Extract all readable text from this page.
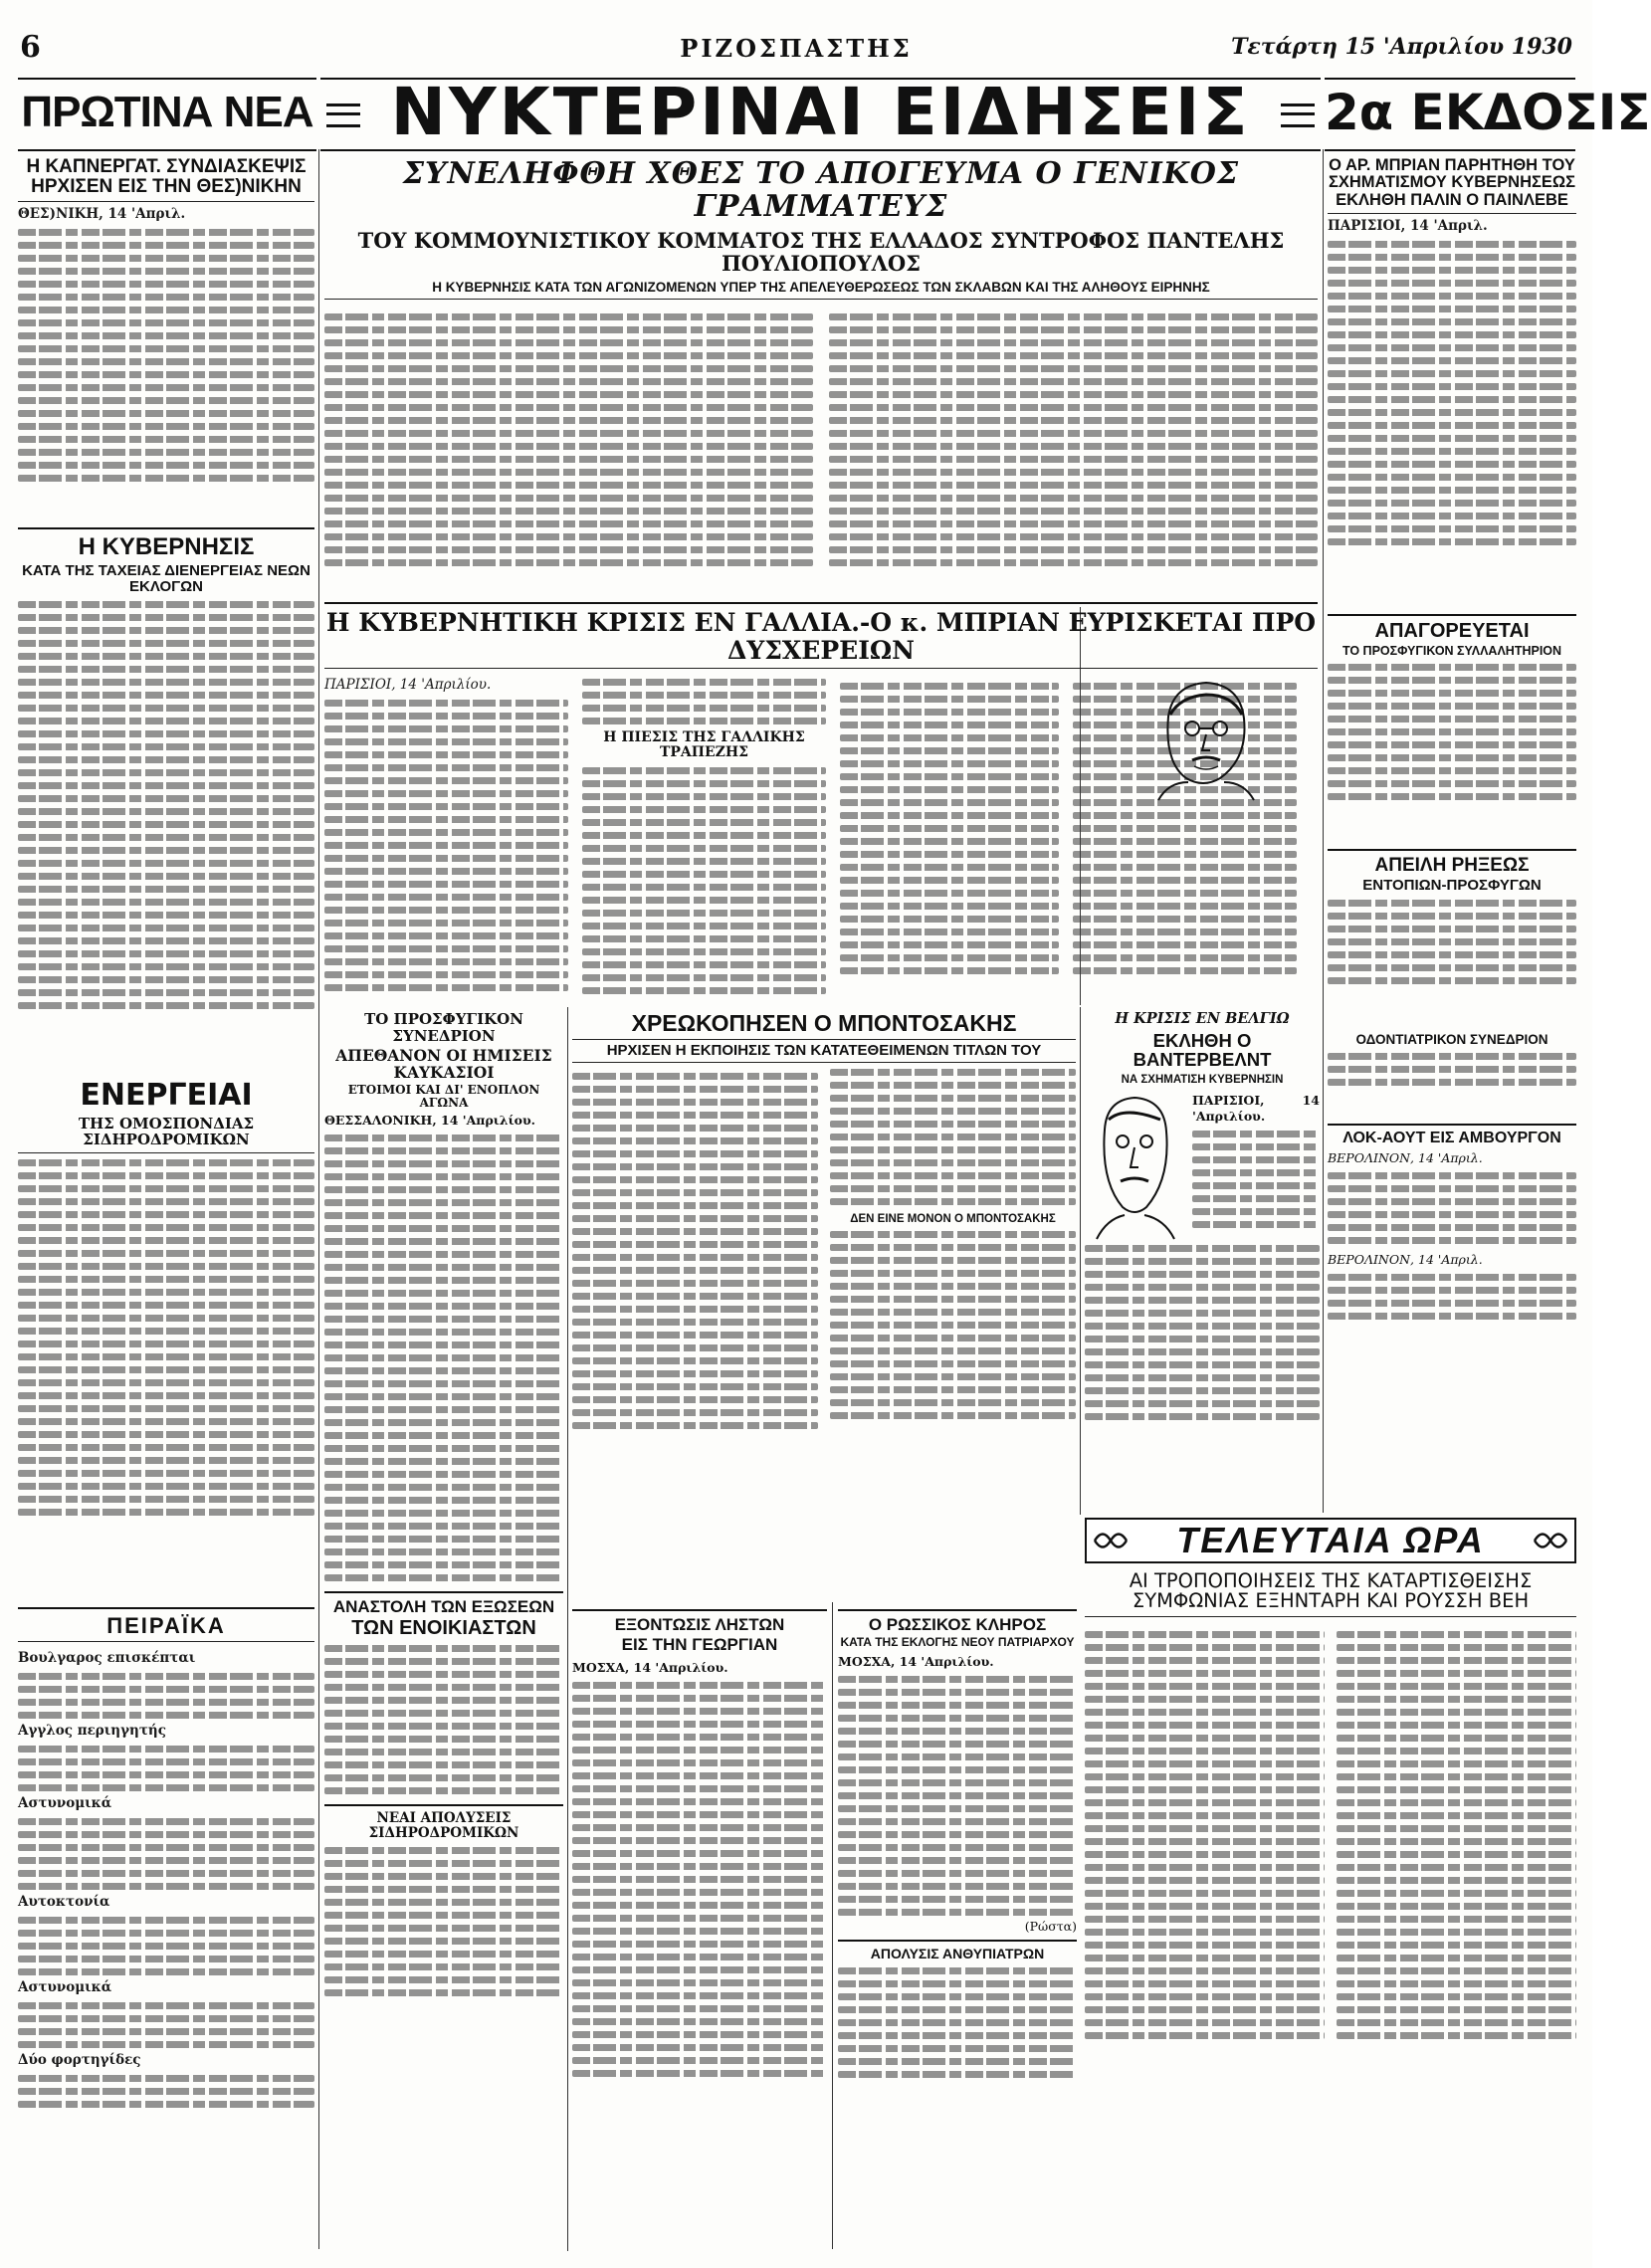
6	ΡΙΖΟΣΠΑΣΤΗΣ	Τετάρτη 15 'Απριλίου 1930
ΠΡΩΤΙΝΑ ΝΕΑ	ΝΥΚΤΕΡΙΝΑΙ ΕΙΔΗΣΕΙΣ	2α ΕΚΔΟΣΙΣ
Η ΚΑΠΝΕΡΓΑΤ. ΣΥΝΔΙΑΣΚΕΨΙΣ ΗΡΧΙΣΕΝ ΕΙΣ ΤΗΝ ΘΕΣ)ΝΙΚΗΝ
ΘΕΣ)ΝΙΚΗ, 14 'Απριλ.
Η ΚΥΒΕΡΝΗΣΙΣ
ΚΑΤΑ ΤΗΣ ΤΑΧΕΙΑΣ ΔΙΕΝΕΡΓΕΙΑΣ ΝΕΩΝ ΕΚΛΟΓΩΝ
ΕΝΕΡΓΕΙΑΙ
ΤΗΣ ΟΜΟΣΠΟΝΔΙΑΣ ΣΙΔΗΡΟΔΡΟΜΙΚΩΝ
ΠΕΙΡΑΪΚΑ
Βουλγαρος επισκέπται
Αγγλος περιηγητής
Αστυνομικά
Αυτοκτονία
Αστυνομικά
Δύο φορτηγίδες
ΣΥΝΕΛΗΦΘΗ ΧΘΕΣ ΤΟ ΑΠΟΓΕΥΜΑ Ο ΓΕΝΙΚΟΣ ΓΡΑΜΜΑΤΕΥΣ
ΤΟΥ ΚΟΜΜΟΥΝΙΣΤΙΚΟΥ ΚΟΜΜΑΤΟΣ ΤΗΣ ΕΛΛΑΔΟΣ ΣΥΝΤΡΟΦΟΣ ΠΑΝΤΕΛΗΣ ΠΟΥΛΙΟΠΟΥΛΟΣ
Η ΚΥΒΕΡΝΗΣΙΣ ΚΑΤΑ ΤΩΝ ΑΓΩΝΙΖΟΜΕΝΩΝ ΥΠΕΡ ΤΗΣ ΑΠΕΛΕΥΘΕΡΩΣΕΩΣ ΤΩΝ ΣΚΛΑΒΩΝ ΚΑΙ ΤΗΣ ΑΛΗΘΟΥΣ ΕΙΡΗΝΗΣ
Η ΚΥΒΕΡΝΗΤΙΚΗ ΚΡΙΣΙΣ ΕΝ ΓΑΛΛΙΑ.-Ο κ. ΜΠΡΙΑΝ ΕΥΡΙΣΚΕΤΑΙ ΠΡΟ ΔΥΣΧΕΡΕΙΩΝ
ΠΑΡΙΣΙΟΙ, 14 'Απριλίου.
Η ΠΙΕΣΙΣ ΤΗΣ ΓΑΛΛΙΚΗΣ ΤΡΑΠΕΖΗΣ
Ο ΑΡ. ΜΠΡΙΑΝ ΠΑΡΗΤΗΘΗ ΤΟΥ ΣΧΗΜΑΤΙΣΜΟΥ ΚΥΒΕΡΝΗΣΕΩΣ ΕΚΛΗΘΗ ΠΑΛΙΝ Ο ΠΑΙΝΛΕΒΕ
ΠΑΡΙΣΙΟΙ, 14 'Απριλ.
ΑΠΑΓΟΡΕΥΕΤΑΙ
ΤΟ ΠΡΟΣΦΥΓΙΚΟΝ ΣΥΛΛΑΛΗΤΗΡΙΟΝ
ΑΠΕΙΛΗ ΡΗΞΕΩΣ
ΕΝΤΟΠΙΩΝ-ΠΡΟΣΦΥΓΩΝ
ΟΔΟΝΤΙΑΤΡΙΚΟΝ ΣΥΝΕΔΡΙΟΝ
ΛΟΚ-ΑΟΥΤ ΕΙΣ ΑΜΒΟΥΡΓΟΝ
ΒΕΡΟΛΙΝΟΝ, 14 'Απριλ.
ΒΕΡΟΛΙΝΟΝ, 14 'Απριλ.
ΤΟ ΠΡΟΣΦΥΓΙΚΟΝ ΣΥΝΕΔΡΙΟΝ
ΑΠΕΘΑΝΟΝ ΟΙ ΗΜΙΣΕΙΣ ΚΑΥΚΑΣΙΟΙ
ΕΤΟΙΜΟΙ ΚΑΙ ΔΙ' ΕΝΟΠΛΟΝ ΑΓΩΝΑ
ΘΕΣΣΑΛΟΝΙΚΗ, 14 'Απριλίου.
ΑΝΑΣΤΟΛΗ ΤΩΝ ΕΞΩΣΕΩΝ
ΤΩΝ ΕΝΟΙΚΙΑΣΤΩΝ
ΝΕΑΙ ΑΠΟΛΥΣΕΙΣ ΣΙΔΗΡΟΔΡΟΜΙΚΩΝ
ΧΡΕΩΚΟΠΗΣΕΝ Ο ΜΠΟΝΤΟΣΑΚΗΣ
ΗΡΧΙΣΕΝ Η ΕΚΠΟΙΗΣΙΣ ΤΩΝ ΚΑΤΑΤΕΘΕΙΜΕΝΩΝ ΤΙΤΛΩΝ ΤΟΥ
ΔΕΝ ΕΙΝΕ ΜΟΝΟΝ Ο ΜΠΟΝΤΟΣΑΚΗΣ
ΕΞΟΝΤΩΣΙΣ ΛΗΣΤΩΝ
ΕΙΣ ΤΗΝ ΓΕΩΡΓΙΑΝ
ΜΟΣΧΑ, 14 'Απριλίου.
Ο ΡΩΣΣΙΚΟΣ ΚΛΗΡΟΣ
ΚΑΤΑ ΤΗΣ ΕΚΛΟΓΗΣ ΝΕΟΥ ΠΑΤΡΙΑΡΧΟΥ
ΜΟΣΧΑ, 14 'Απριλίου.
(Ρώστα)
ΑΠΟΛΥΣΙΣ ΑΝΘΥΠΙΑΤΡΩΝ
Η ΚΡΙΣΙΣ ΕΝ ΒΕΛΓΙΩ
ΕΚΛΗΘΗ Ο ΒΑΝΤΕΡΒΕΛΝΤ
ΝΑ ΣΧΗΜΑΤΙΣΗ ΚΥΒΕΡΝΗΣΙΝ
ΠΑΡΙΣΙΟΙ, 14 'Απριλίου.
ΤΕΛΕΥΤΑΙΑ ΩΡΑ
ΑΙ ΤΡΟΠΟΠΟΙΗΣΕΙΣ ΤΗΣ ΚΑΤΑΡΤΙΣΘΕΙΣΗΣ ΣΥΜΦΩΝΙΑΣ ΕΞΗΝΤΑΡΗ ΚΑΙ ΡΟΥΣΣΗ ΒΕΗ
